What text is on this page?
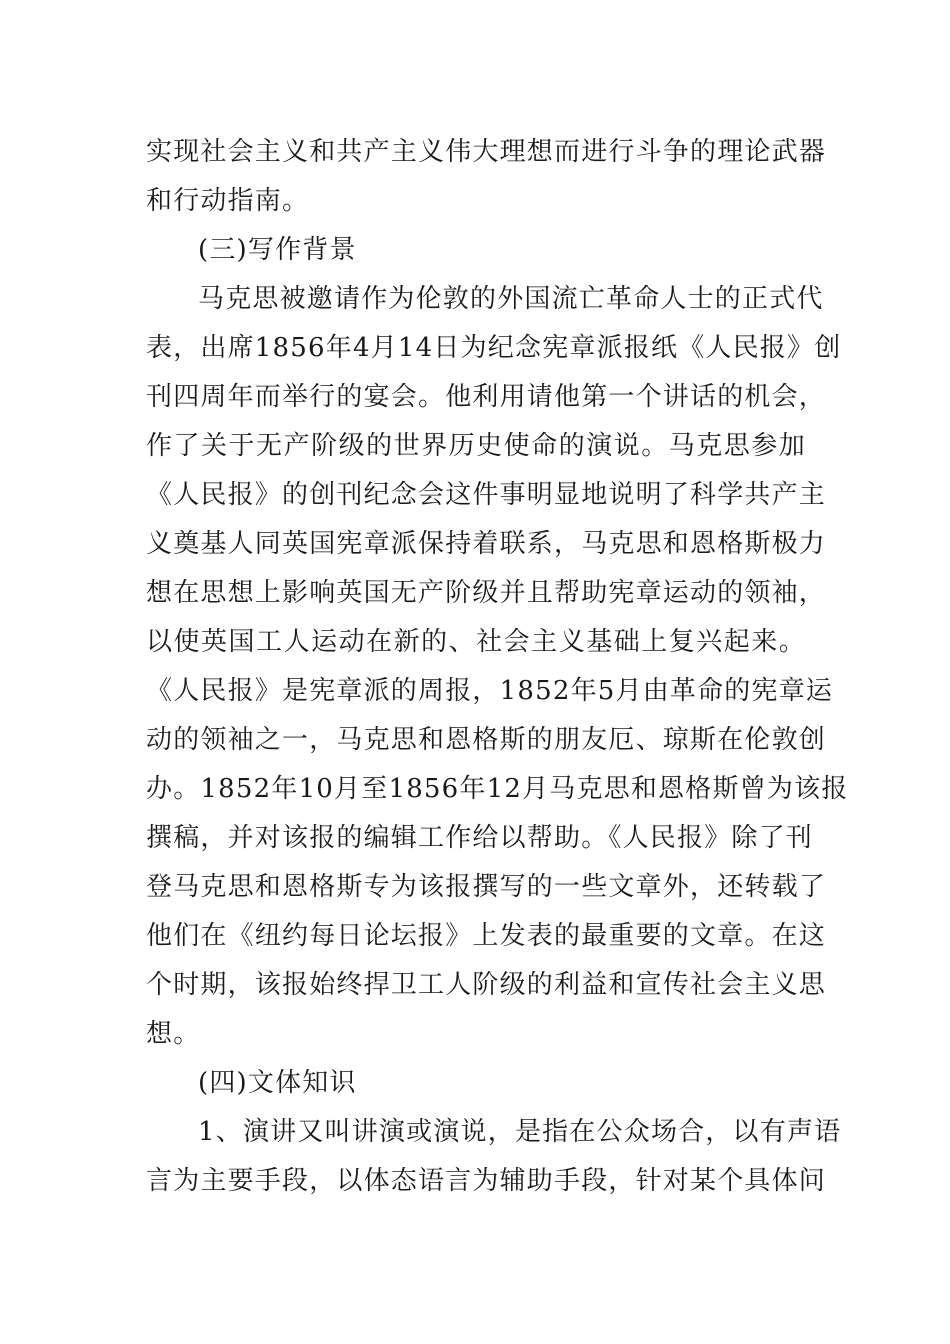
实现社会主义和共产主义伟大理想而进行斗争的理论武器
和行动指南。
(三)写作背景
马克思被邀请作为伦敦的外国流亡革命人士的正式代
表，出席1856年4月14日为纪念宪章派报纸《人民报》创
刊四周年而举行的宴会。他利用请他第一个讲话的机会，
作了关于无产阶级的世界历史使命的演说。马克思参加
《人民报》的创刊纪念会这件事明显地说明了科学共产主
义奠基人同英国宪章派保持着联系，马克思和恩格斯极力
想在思想上影响英国无产阶级并且帮助宪章运动的领袖，
以使英国工人运动在新的、社会主义基础上复兴起来。
《人民报》是宪章派的周报，1852年5月由革命的宪章运
动的领袖之一，马克思和恩格斯的朋友厄、琼斯在伦敦创
办。1852年10月至1856年12月马克思和恩格斯曾为该报
撰稿，并对该报的编辑工作给以帮助。《人民报》除了刊
登马克思和恩格斯专为该报撰写的一些文章外，还转载了
他们在《纽约每日论坛报》上发表的最重要的文章。在这
个时期，该报始终捍卫工人阶级的利益和宣传社会主义思
想。
(四)文体知识
1、演讲又叫讲演或演说，是指在公众场合，以有声语
言为主要手段，以体态语言为辅助手段，针对某个具体问
